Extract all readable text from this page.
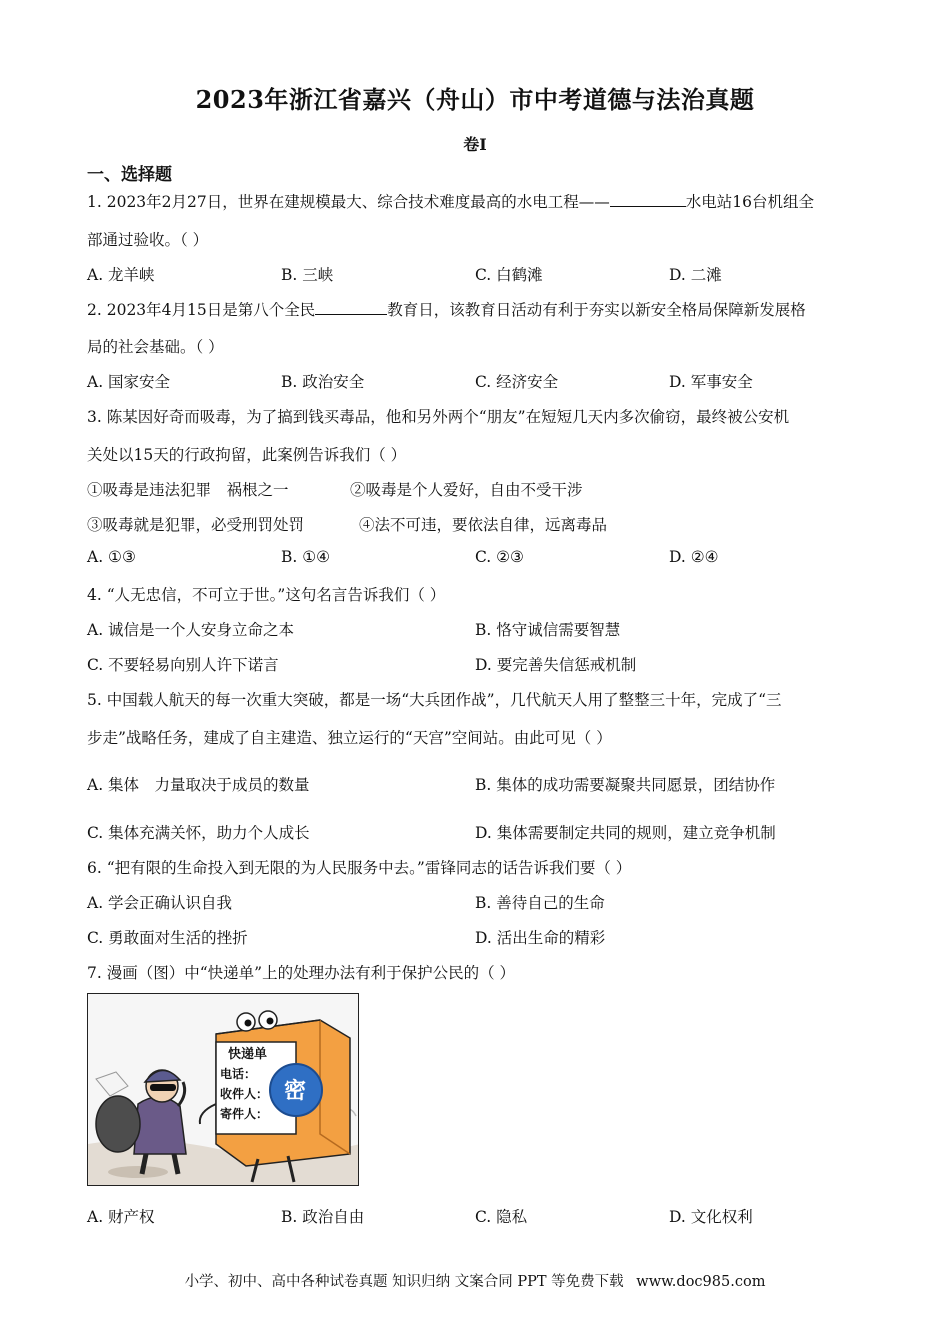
2023年浙江省嘉兴（舟山）市中考道德与法治真题
卷I
一、选择题
1. 2023年2月27日，世界在建规模最大、综合技术难度最高的水电工程——	水电站16台机组全
部通过验收。（ ）
A. 龙羊峡	B. 三峡	C. 白鹤滩	D. 二滩
2. 2023年4月15日是第八个全民	教育日，该教育日活动有利于夯实以新安全格局保障新发展格
局的社会基础。（ ）
A. 国家安全	B. 政治安全	C. 经济安全	D. 军事安全
3. 陈某因好奇而吸毒，为了搞到钱买毒品，他和另外两个“朋友”在短短几天内多次偷窃，最终被公安机
关处以15天的行政拘留，此案例告诉我们（ ）
①吸毒是违法犯罪　祸根之一	②吸毒是个人爱好，自由不受干涉
③吸毒就是犯罪，必受刑罚处罚	④法不可违，要依法自律，远离毒品
A. ①③	B. ①④	C. ②③	D. ②④
4. “人无忠信，不可立于世。”这句名言告诉我们（ ）
A. 诚信是一个人安身立命之本	B. 恪守诚信需要智慧
C. 不要轻易向别人许下诺言	D. 要完善失信惩戒机制
5. 中国载人航天的每一次重大突破，都是一场“大兵团作战”，几代航天人用了整整三十年，完成了“三
步走”战略任务，建成了自主建造、独立运行的“天宫”空间站。由此可见（ ）
A. 集体　力量取决于成员的数量	B. 集体的成功需要凝聚共同愿景，团结协作
C. 集体充满关怀，助力个人成长	D. 集体需要制定共同的规则，建立竞争机制
6. “把有限的生命投入到无限的为人民服务中去。”雷锋同志的话告诉我们要（ ）
A. 学会正确认识自我	B. 善待自己的生命
C. 勇敢面对生活的挫折	D. 活出生命的精彩
7. 漫画（图）中“快递单”上的处理办法有利于保护公民的（ ）
快递单
电话：
收件人：
寄件人：
密
A. 财产权	B. 政治自由	C. 隐私	D. 文化权利
小学、初中、高中各种试卷真题 知识归纳 文案合同 PPT 等免费下载 www.doc985.com
